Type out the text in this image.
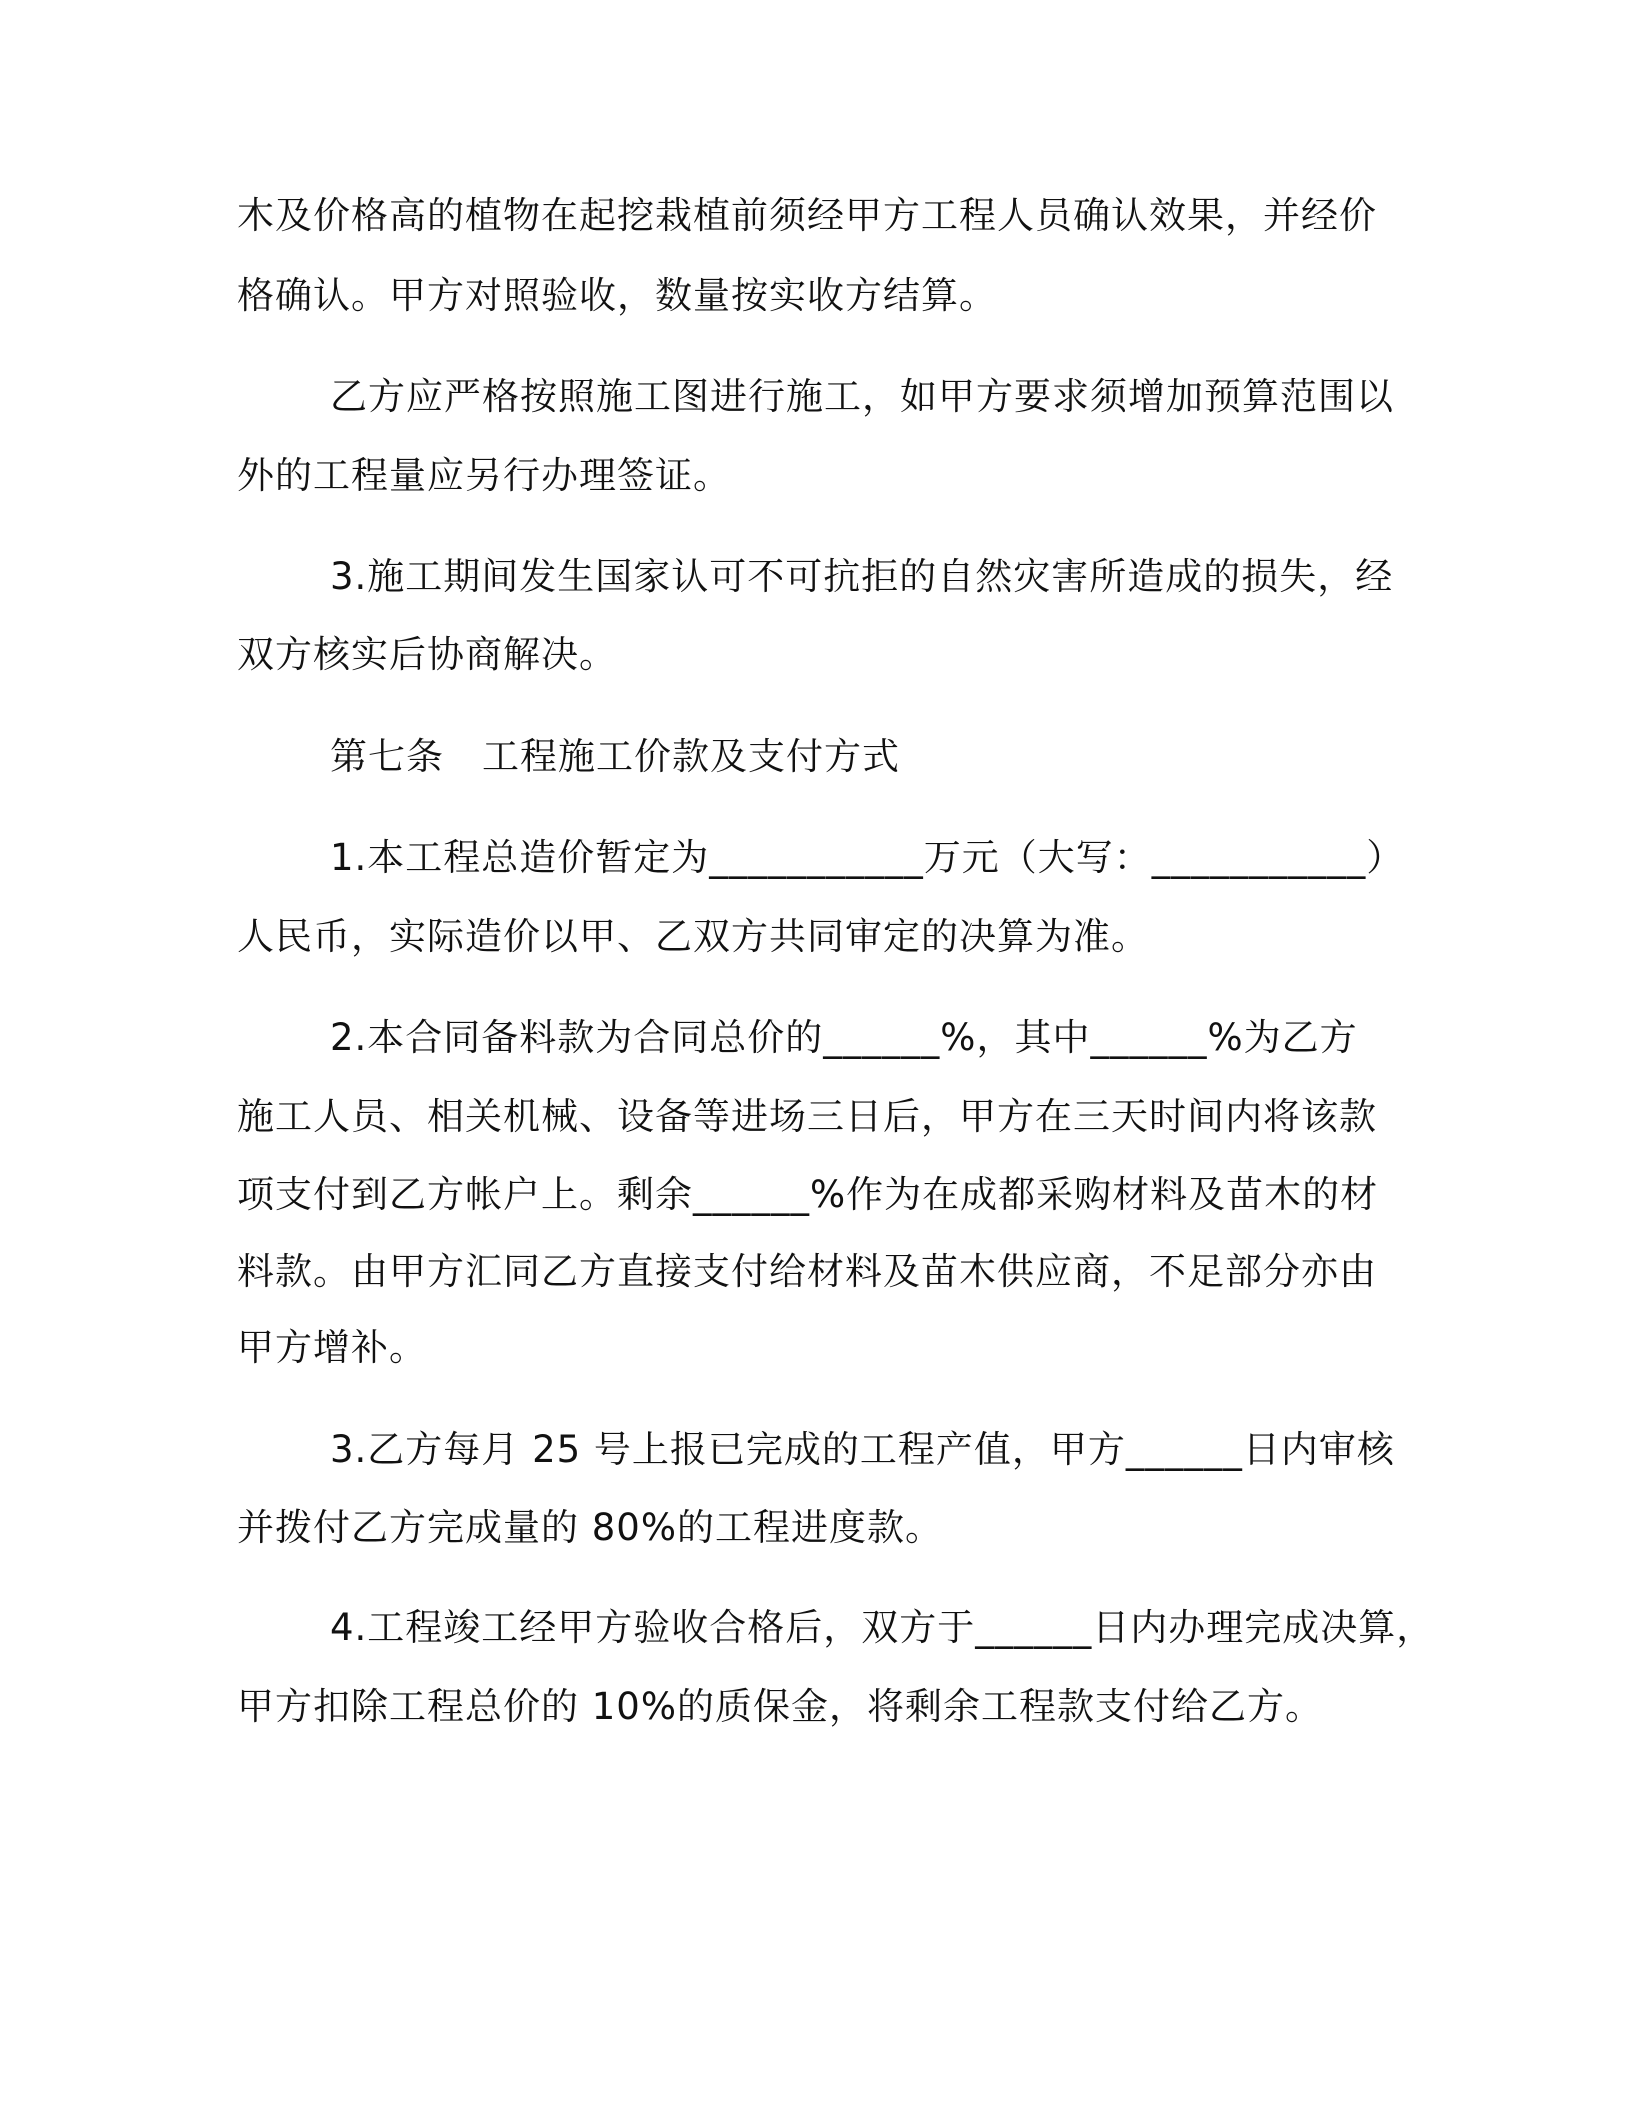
木及价格高的植物在起挖栽植前须经甲方工程人员确认效果，并经价

格确认。甲方对照验收，数量按实收方结算。

乙方应严格按照施工图进行施工，如甲方要求须增加预算范围以

外的工程量应另行办理签证。

3.施工期间发生国家认可不可抗拒的自然灾害所造成的损失，经

双方核实后协商解决。

第七条　工程施工价款及支付方式

1.本工程总造价暂定为___________万元（大写：___________）

人民币，实际造价以甲、乙双方共同审定的决算为准。

2.本合同备料款为合同总价的______%，其中______%为乙方

施工人员、相关机械、设备等进场三日后，甲方在三天时间内将该款

项支付到乙方帐户上。剩余______%作为在成都采购材料及苗木的材

料款。由甲方汇同乙方直接支付给材料及苗木供应商，不足部分亦由

甲方增补。

3.乙方每月 25 号上报已完成的工程产值，甲方______日内审核

并拨付乙方完成量的 80%的工程进度款。

4.工程竣工经甲方验收合格后，双方于______日内办理完成决算，

甲方扣除工程总价的 10%的质保金，将剩余工程款支付给乙方。
